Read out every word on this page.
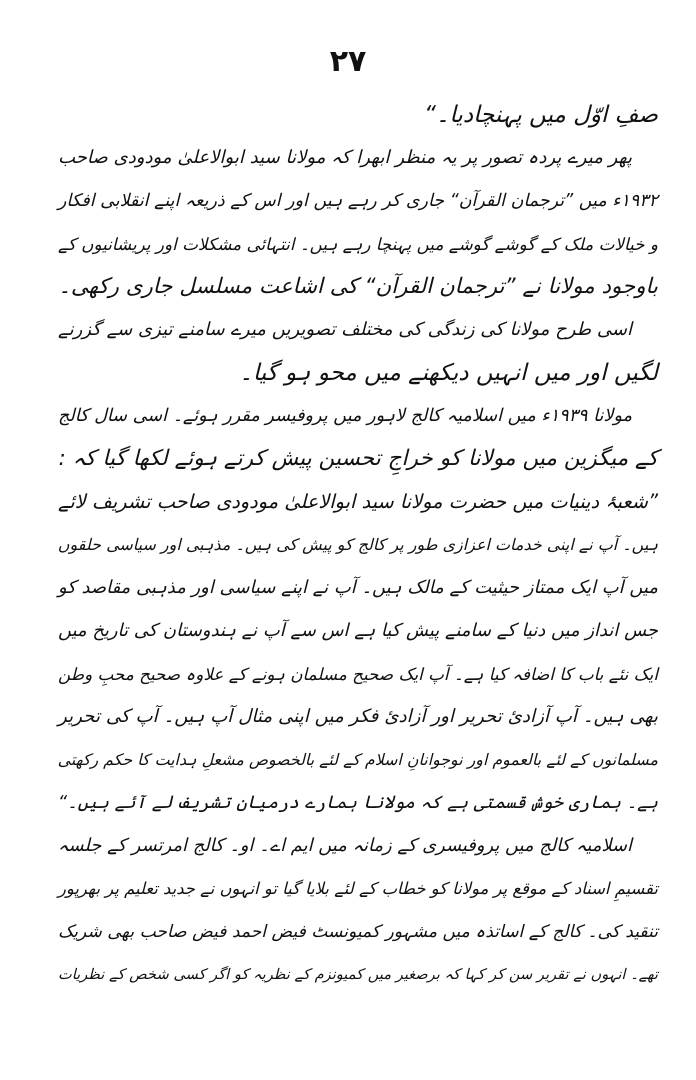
۲۷
صفِ اوّل میں پہنچادیا۔“
پھر میرے پردہ تصور پر یہ منظر ابھرا کہ مولانا سید ابوالاعلیٰ مودودی صاحب
۱۹۳۲ء میں ”ترجمان القرآن“ جاری کر رہے ہیں اور اس کے ذریعہ اپنے انقلابی افکار
و خیالات ملک کے گوشے گوشے میں پہنچا رہے ہیں۔ انتہائی مشکلات اور پریشانیوں کے
باوجود مولانا نے ”ترجمان القرآن“ کی اشاعت مسلسل جاری رکھی۔
اسی طرح مولانا کی زندگی کی مختلف تصویریں میرے سامنے تیزی سے گزرنے
لگیں اور میں انہیں دیکھنے میں محو ہو گیا۔
مولانا ۱۹۳۹ء میں اسلامیہ کالج لاہور میں پروفیسر مقرر ہوئے۔ اسی سال کالج
کے میگزین میں مولانا کو خراجِ تحسین پیش کرتے ہوئے لکھا گیا کہ :
”شعبۂ دینیات میں حضرت مولانا سید ابوالاعلیٰ مودودی صاحب تشریف لائے
ہیں۔ آپ نے اپنی خدمات اعزازی طور پر کالج کو پیش کی ہیں۔ مذہبی اور سیاسی حلقوں
میں آپ ایک ممتاز حیثیت کے مالک ہیں۔ آپ نے اپنے سیاسی اور مذہبی مقاصد کو
جس انداز میں دنیا کے سامنے پیش کیا ہے اس سے آپ نے ہندوستان کی تاریخ میں
ایک نئے باب کا اضافہ کیا ہے۔ آپ ایک صحیح مسلمان ہونے کے علاوہ صحیح محبِ وطن
بھی ہیں۔ آپ آزادئ تحریر اور آزادئ فکر میں اپنی مثال آپ ہیں۔ آپ کی تحریر
مسلمانوں کے لئے بالعموم اور نوجوانانِ اسلام کے لئے بالخصوص مشعلِ ہدایت کا حکم رکھتی
ہے۔ ہماری خوش قسمتی ہے کہ مولانا ہمارے درمیان تشریف لے آئے ہیں۔“
اسلامیہ کالج میں پروفیسری کے زمانہ میں ایم اے۔ او۔ کالج امرتسر کے جلسہ
تقسیمِ اسناد کے موقع پر مولانا کو خطاب کے لئے بلایا گیا تو انہوں نے جدید تعلیم پر بھرپور
تنقید کی۔ کالج کے اساتذہ میں مشہور کمیونسٹ فیض احمد فیض صاحب بھی شریک
تھے۔ انہوں نے تقریر سن کر کہا کہ برصغیر میں کمیونزم کے نظریہ کو اگر کسی شخص کے نظریات
